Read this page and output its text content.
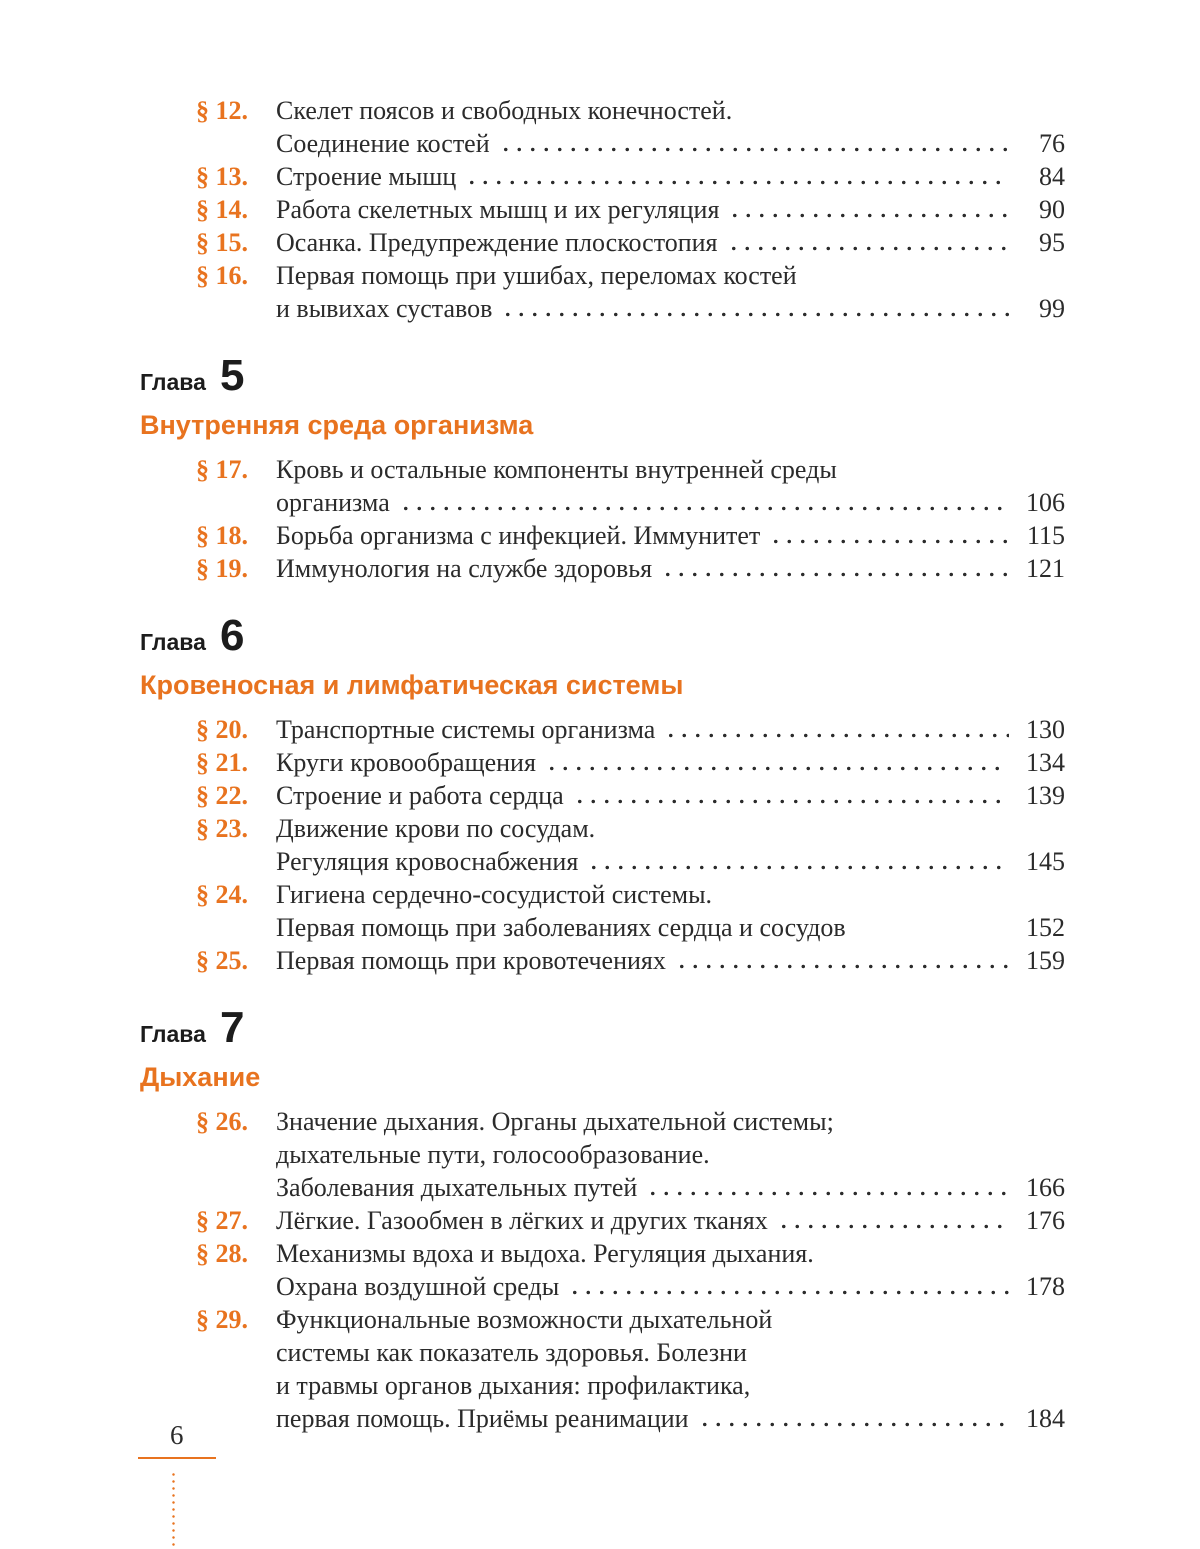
§ 12.	Скелет поясов и свободных конечностей.
Соединение костей	76
§ 13.	Строение мышц	84
§ 14.	Работа скелетных мышц и их регуляция	90
§ 15.	Осанка. Предупреждение плоскостопия	95
§ 16.	Первая помощь при ушибах, переломах костей
и вывихах суставов	99
Глава 5
Внутренняя среда организма
§ 17.	Кровь и остальные компоненты внутренней среды
организма	106
§ 18.	Борьба организма с инфекцией. Иммунитет	115
§ 19.	Иммунология на службе здоровья	121
Глава 6
Кровеносная и лимфатическая системы
§ 20.	Транспортные системы организма	130
§ 21.	Круги кровообращения	134
§ 22.	Строение и работа сердца	139
§ 23.	Движение крови по сосудам.
Регуляция кровоснабжения	145
§ 24.	Гигиена сердечно-сосудистой системы.
Первая помощь при заболеваниях сердца и сосудов	152
§ 25.	Первая помощь при кровотечениях	159
Глава 7
Дыхание
§ 26.	Значение дыхания. Органы дыхательной системы;
дыхательные пути, голосообразование.
Заболевания дыхательных путей	166
§ 27.	Лёгкие. Газообмен в лёгких и других тканях	176
§ 28.	Механизмы вдоха и выдоха. Регуляция дыхания.
Охрана воздушной среды	178
§ 29.	Функциональные возможности дыхательной
системы как показатель здоровья. Болезни
и травмы органов дыхания: профилактика,
первая помощь. Приёмы реанимации	184
6
